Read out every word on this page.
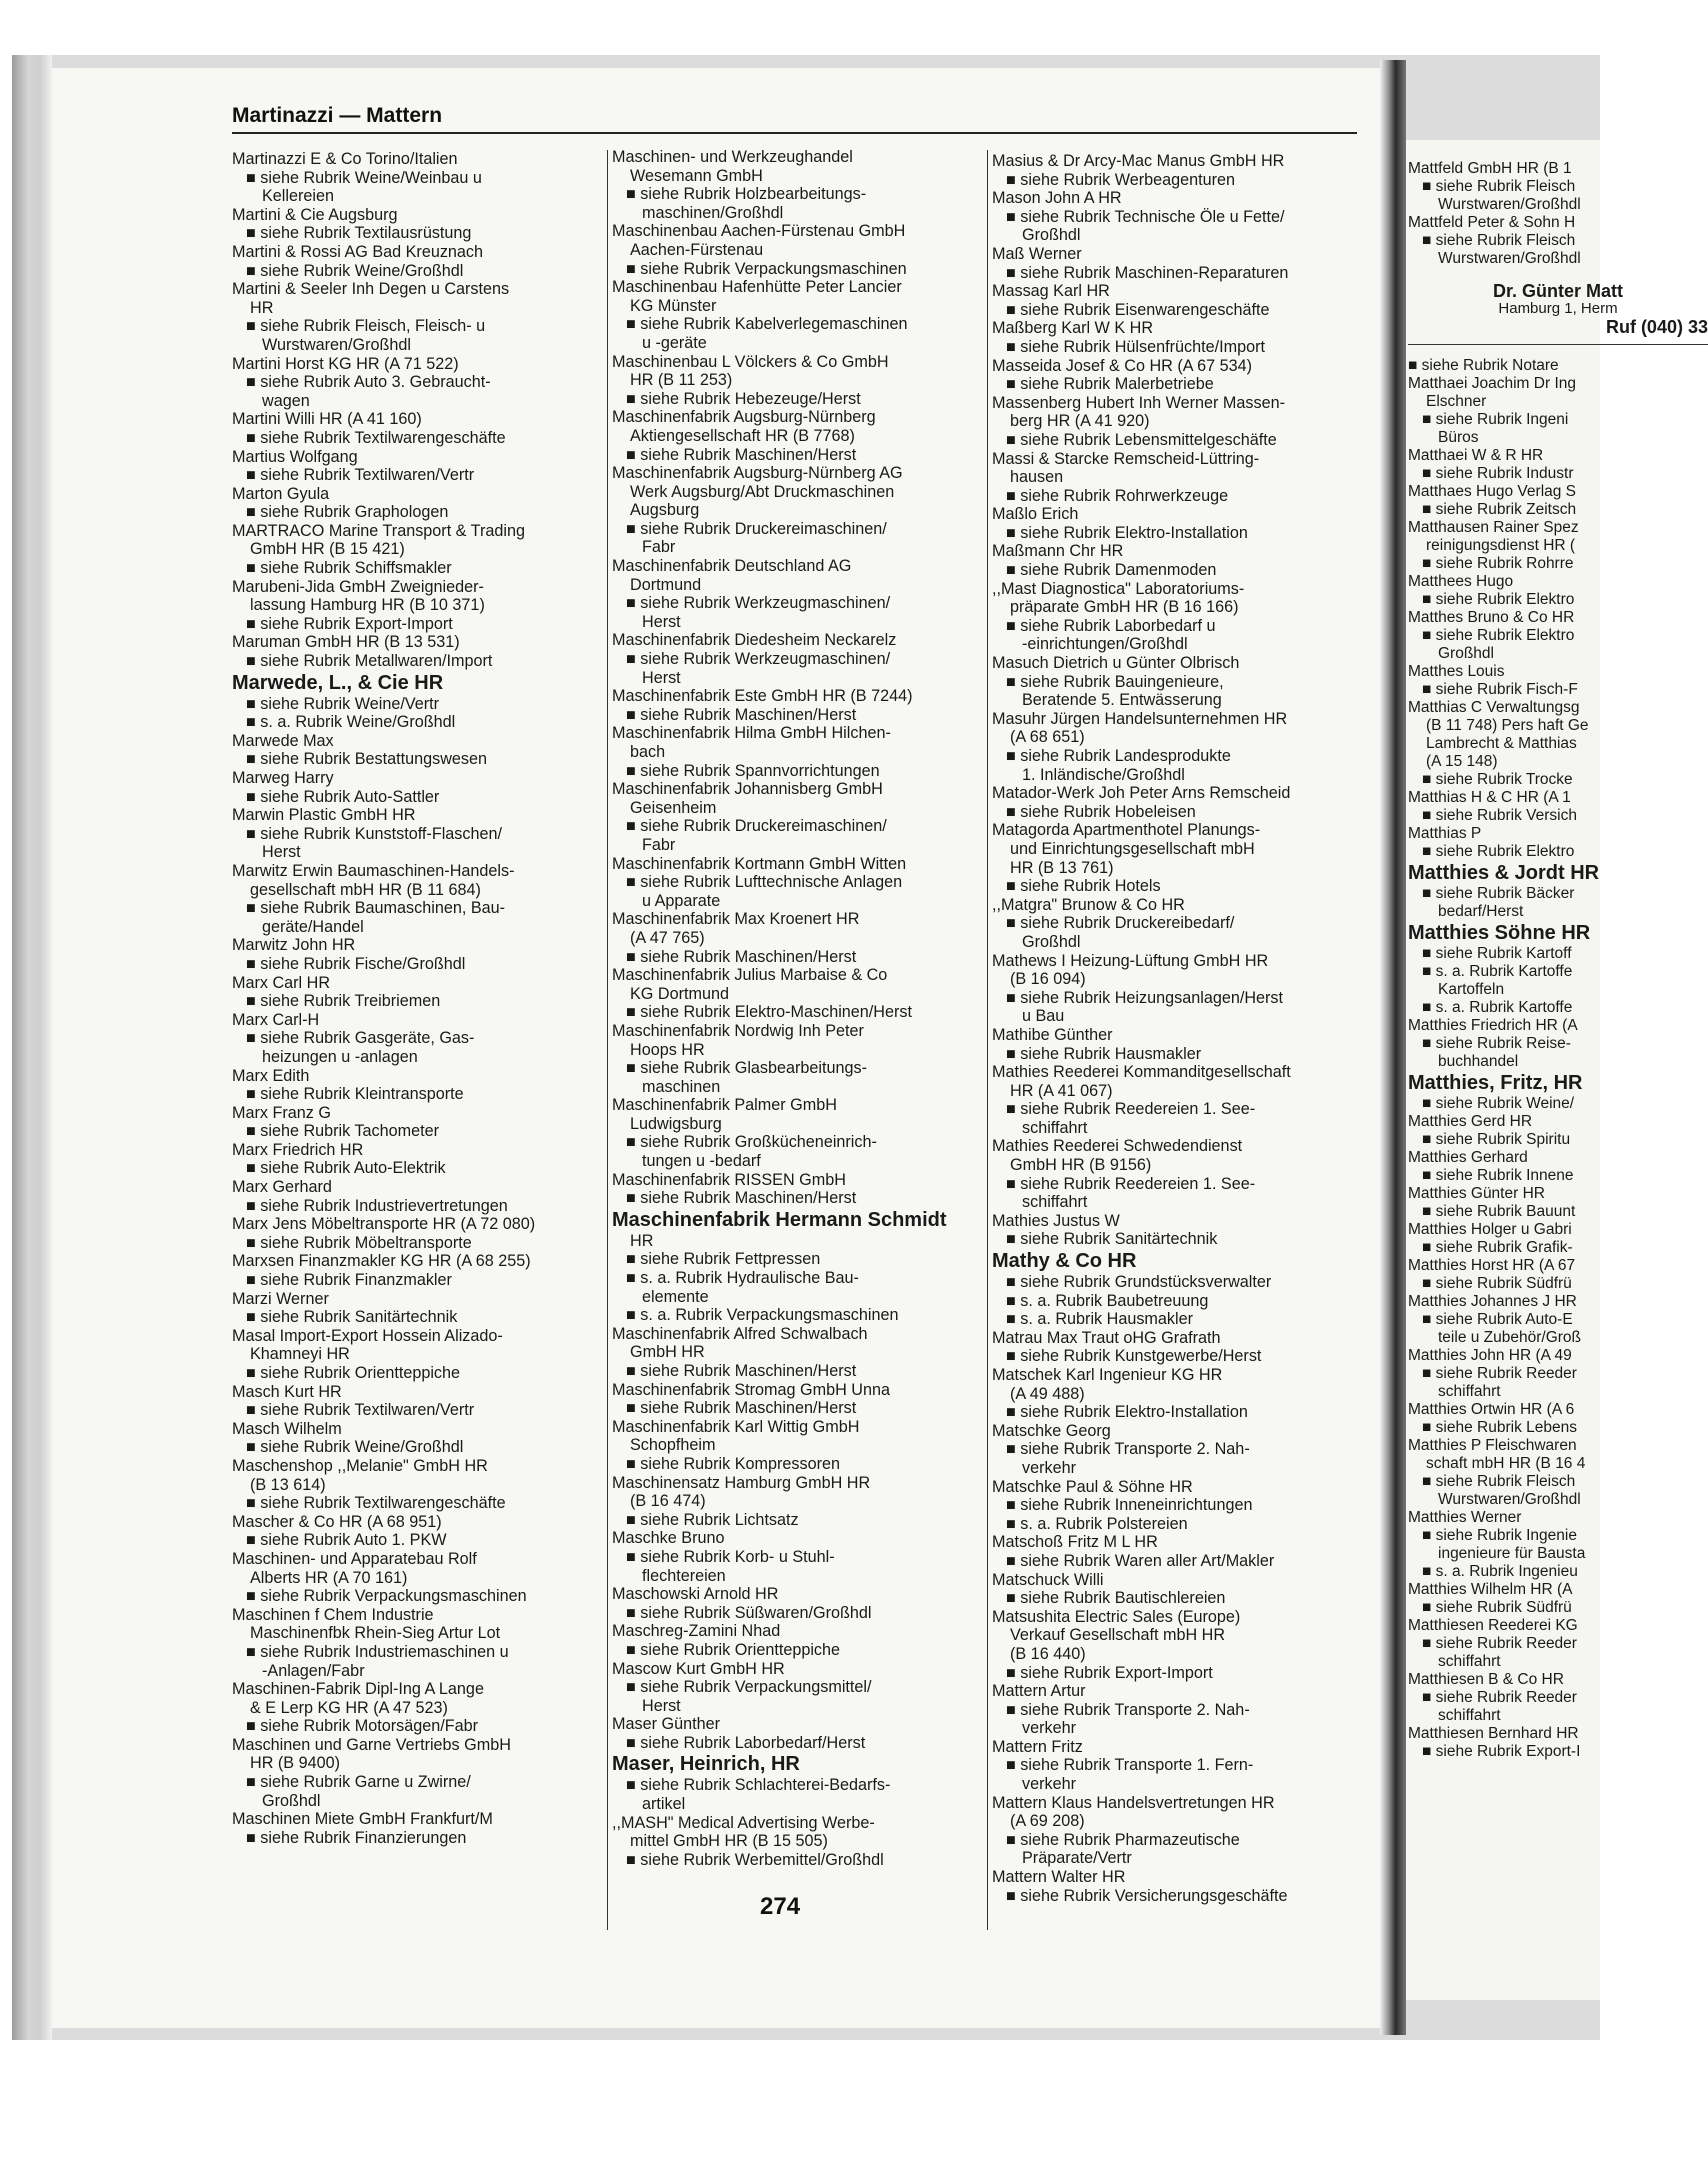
Martinazzi — Mattern
Martinazzi E & Co Torino/Italien
■ siehe Rubrik Weine/Weinbau u
Kellereien
Martini & Cie Augsburg
■ siehe Rubrik Textilausrüstung
Martini & Rossi AG Bad Kreuznach
■ siehe Rubrik Weine/Großhdl
Martini & Seeler Inh Degen u Carstens
HR
■ siehe Rubrik Fleisch, Fleisch- u
Wurstwaren/Großhdl
Martini Horst KG HR (A 71 522)
■ siehe Rubrik Auto 3. Gebraucht-
wagen
Martini Willi HR (A 41 160)
■ siehe Rubrik Textilwarengeschäfte
Martius Wolfgang
■ siehe Rubrik Textilwaren/Vertr
Marton Gyula
■ siehe Rubrik Graphologen
MARTRACO Marine Transport & Trading
GmbH HR (B 15 421)
■ siehe Rubrik Schiffsmakler
Marubeni-Jida GmbH Zweignieder-
lassung Hamburg HR (B 10 371)
■ siehe Rubrik Export-Import
Maruman GmbH HR (B 13 531)
■ siehe Rubrik Metallwaren/Import
Marwede, L., & Cie HR
■ siehe Rubrik Weine/Vertr
■ s. a. Rubrik Weine/Großhdl
Marwede Max
■ siehe Rubrik Bestattungswesen
Marweg Harry
■ siehe Rubrik Auto-Sattler
Marwin Plastic GmbH HR
■ siehe Rubrik Kunststoff-Flaschen/
Herst
Marwitz Erwin Baumaschinen-Handels-
gesellschaft mbH HR (B 11 684)
■ siehe Rubrik Baumaschinen, Bau-
geräte/Handel
Marwitz John HR
■ siehe Rubrik Fische/Großhdl
Marx Carl HR
■ siehe Rubrik Treibriemen
Marx Carl-H
■ siehe Rubrik Gasgeräte, Gas-
heizungen u -anlagen
Marx Edith
■ siehe Rubrik Kleintransporte
Marx Franz G
■ siehe Rubrik Tachometer
Marx Friedrich HR
■ siehe Rubrik Auto-Elektrik
Marx Gerhard
■ siehe Rubrik Industrievertretungen
Marx Jens Möbeltransporte HR (A 72 080)
■ siehe Rubrik Möbeltransporte
Marxsen Finanzmakler KG HR (A 68 255)
■ siehe Rubrik Finanzmakler
Marzi Werner
■ siehe Rubrik Sanitärtechnik
Masal Import-Export Hossein Alizado-
Khamneyi HR
■ siehe Rubrik Orientteppiche
Masch Kurt HR
■ siehe Rubrik Textilwaren/Vertr
Masch Wilhelm
■ siehe Rubrik Weine/Großhdl
Maschenshop ,,Melanie" GmbH HR
(B 13 614)
■ siehe Rubrik Textilwarengeschäfte
Mascher & Co HR (A 68 951)
■ siehe Rubrik Auto 1. PKW
Maschinen- und Apparatebau Rolf
Alberts HR (A 70 161)
■ siehe Rubrik Verpackungsmaschinen
Maschinen f Chem Industrie
Maschinenfbk Rhein-Sieg Artur Lot
■ siehe Rubrik Industriemaschinen u
-Anlagen/Fabr
Maschinen-Fabrik Dipl-Ing A Lange
& E Lerp KG HR (A 47 523)
■ siehe Rubrik Motorsägen/Fabr
Maschinen und Garne Vertriebs GmbH
HR (B 9400)
■ siehe Rubrik Garne u Zwirne/
Großhdl
Maschinen Miete GmbH Frankfurt/M
■ siehe Rubrik Finanzierungen
Maschinen- und Werkzeughandel
Wesemann GmbH
■ siehe Rubrik Holzbearbeitungs-
maschinen/Großhdl
Maschinenbau Aachen-Fürstenau GmbH
Aachen-Fürstenau
■ siehe Rubrik Verpackungsmaschinen
Maschinenbau Hafenhütte Peter Lancier
KG Münster
■ siehe Rubrik Kabelverlegemaschinen
u -geräte
Maschinenbau L Völckers & Co GmbH
HR (B 11 253)
■ siehe Rubrik Hebezeuge/Herst
Maschinenfabrik Augsburg-Nürnberg
Aktiengesellschaft HR (B 7768)
■ siehe Rubrik Maschinen/Herst
Maschinenfabrik Augsburg-Nürnberg AG
Werk Augsburg/Abt Druckmaschinen
Augsburg
■ siehe Rubrik Druckereimaschinen/
Fabr
Maschinenfabrik Deutschland AG
Dortmund
■ siehe Rubrik Werkzeugmaschinen/
Herst
Maschinenfabrik Diedesheim Neckarelz
■ siehe Rubrik Werkzeugmaschinen/
Herst
Maschinenfabrik Este GmbH HR (B 7244)
■ siehe Rubrik Maschinen/Herst
Maschinenfabrik Hilma GmbH Hilchen-
bach
■ siehe Rubrik Spannvorrichtungen
Maschinenfabrik Johannisberg GmbH
Geisenheim
■ siehe Rubrik Druckereimaschinen/
Fabr
Maschinenfabrik Kortmann GmbH Witten
■ siehe Rubrik Lufttechnische Anlagen
u Apparate
Maschinenfabrik Max Kroenert HR
(A 47 765)
■ siehe Rubrik Maschinen/Herst
Maschinenfabrik Julius Marbaise & Co
KG Dortmund
■ siehe Rubrik Elektro-Maschinen/Herst
Maschinenfabrik Nordwig Inh Peter
Hoops HR
■ siehe Rubrik Glasbearbeitungs-
maschinen
Maschinenfabrik Palmer GmbH
Ludwigsburg
■ siehe Rubrik Großkücheneinrich-
tungen u -bedarf
Maschinenfabrik RISSEN GmbH
■ siehe Rubrik Maschinen/Herst
Maschinenfabrik Hermann Schmidt
HR
■ siehe Rubrik Fettpressen
■ s. a. Rubrik Hydraulische Bau-
elemente
■ s. a. Rubrik Verpackungsmaschinen
Maschinenfabrik Alfred Schwalbach
GmbH HR
■ siehe Rubrik Maschinen/Herst
Maschinenfabrik Stromag GmbH Unna
■ siehe Rubrik Maschinen/Herst
Maschinenfabrik Karl Wittig GmbH
Schopfheim
■ siehe Rubrik Kompressoren
Maschinensatz Hamburg GmbH HR
(B 16 474)
■ siehe Rubrik Lichtsatz
Maschke Bruno
■ siehe Rubrik Korb- u Stuhl-
flechtereien
Maschowski Arnold HR
■ siehe Rubrik Süßwaren/Großhdl
Maschreg-Zamini Nhad
■ siehe Rubrik Orientteppiche
Mascow Kurt GmbH HR
■ siehe Rubrik Verpackungsmittel/
Herst
Maser Günther
■ siehe Rubrik Laborbedarf/Herst
Maser, Heinrich, HR
■ siehe Rubrik Schlachterei-Bedarfs-
artikel
,,MASH" Medical Advertising Werbe-
mittel GmbH HR (B 15 505)
■ siehe Rubrik Werbemittel/Großhdl
Masius & Dr Arcy-Mac Manus GmbH HR
■ siehe Rubrik Werbeagenturen
Mason John A HR
■ siehe Rubrik Technische Öle u Fette/
Großhdl
Maß Werner
■ siehe Rubrik Maschinen-Reparaturen
Massag Karl HR
■ siehe Rubrik Eisenwarengeschäfte
Maßberg Karl W K HR
■ siehe Rubrik Hülsenfrüchte/Import
Masseida Josef & Co HR (A 67 534)
■ siehe Rubrik Malerbetriebe
Massenberg Hubert Inh Werner Massen-
berg HR (A 41 920)
■ siehe Rubrik Lebensmittelgeschäfte
Massi & Starcke Remscheid-Lüttring-
hausen
■ siehe Rubrik Rohrwerkzeuge
Maßlo Erich
■ siehe Rubrik Elektro-Installation
Maßmann Chr HR
■ siehe Rubrik Damenmoden
,,Mast Diagnostica" Laboratoriums-
präparate GmbH HR (B 16 166)
■ siehe Rubrik Laborbedarf u
-einrichtungen/Großhdl
Masuch Dietrich u Günter Olbrisch
■ siehe Rubrik Bauingenieure,
Beratende 5. Entwässerung
Masuhr Jürgen Handelsunternehmen HR
(A 68 651)
■ siehe Rubrik Landesprodukte
1. Inländische/Großhdl
Matador-Werk Joh Peter Arns Remscheid
■ siehe Rubrik Hobeleisen
Matagorda Apartmenthotel Planungs-
und Einrichtungsgesellschaft mbH
HR (B 13 761)
■ siehe Rubrik Hotels
,,Matgra" Brunow & Co HR
■ siehe Rubrik Druckereibedarf/
Großhdl
Mathews I Heizung-Lüftung GmbH HR
(B 16 094)
■ siehe Rubrik Heizungsanlagen/Herst
u Bau
Mathibe Günther
■ siehe Rubrik Hausmakler
Mathies Reederei Kommanditgesellschaft
HR (A 41 067)
■ siehe Rubrik Reedereien 1. See-
schiffahrt
Mathies Reederei Schwedendienst
GmbH HR (B 9156)
■ siehe Rubrik Reedereien 1. See-
schiffahrt
Mathies Justus W
■ siehe Rubrik Sanitärtechnik
Mathy & Co HR
■ siehe Rubrik Grundstücksverwalter
■ s. a. Rubrik Baubetreuung
■ s. a. Rubrik Hausmakler
Matrau Max Traut oHG Grafrath
■ siehe Rubrik Kunstgewerbe/Herst
Matschek Karl Ingenieur KG HR
(A 49 488)
■ siehe Rubrik Elektro-Installation
Matschke Georg
■ siehe Rubrik Transporte 2. Nah-
verkehr
Matschke Paul & Söhne HR
■ siehe Rubrik Inneneinrichtungen
■ s. a. Rubrik Polstereien
Matschoß Fritz M L HR
■ siehe Rubrik Waren aller Art/Makler
Matschuck Willi
■ siehe Rubrik Bautischlereien
Matsushita Electric Sales (Europe)
Verkauf Gesellschaft mbH HR
(B 16 440)
■ siehe Rubrik Export-Import
Mattern Artur
■ siehe Rubrik Transporte 2. Nah-
verkehr
Mattern Fritz
■ siehe Rubrik Transporte 1. Fern-
verkehr
Mattern Klaus Handelsvertretungen HR
(A 69 208)
■ siehe Rubrik Pharmazeutische
Präparate/Vertr
Mattern Walter HR
■ siehe Rubrik Versicherungsgeschäfte
Mattfeld GmbH HR (B 1
■ siehe Rubrik Fleisch
Wurstwaren/Großhdl
Mattfeld Peter & Sohn H
■ siehe Rubrik Fleisch
Wurstwaren/Großhdl
Dr. Günter Matt
Hamburg 1, Herm
Ruf (040) 33
■ siehe Rubrik Notare
Matthaei Joachim Dr Ing
Elschner
■ siehe Rubrik Ingeni
Büros
Matthaei W & R HR
■ siehe Rubrik Industr
Matthaes Hugo Verlag S
■ siehe Rubrik Zeitsch
Matthausen Rainer Spez
reinigungsdienst HR (
■ siehe Rubrik Rohrre
Matthees Hugo
■ siehe Rubrik Elektro
Matthes Bruno & Co HR
■ siehe Rubrik Elektro
Großhdl
Matthes Louis
■ siehe Rubrik Fisch-F
Matthias C Verwaltungsg
(B 11 748) Pers haft Ge
Lambrecht & Matthias
(A 15 148)
■ siehe Rubrik Trocke
Matthias H & C HR (A 1
■ siehe Rubrik Versich
Matthias P
■ siehe Rubrik Elektro
Matthies & Jordt HR
■ siehe Rubrik Bäcker
bedarf/Herst
Matthies Söhne HR
■ siehe Rubrik Kartoff
■ s. a. Rubrik Kartoffe
Kartoffeln
■ s. a. Rubrik Kartoffe
Matthies Friedrich HR (A
■ siehe Rubrik Reise-
buchhandel
Matthies, Fritz, HR
■ siehe Rubrik Weine/
Matthies Gerd HR
■ siehe Rubrik Spiritu
Matthies Gerhard
■ siehe Rubrik Innene
Matthies Günter HR
■ siehe Rubrik Bauunt
Matthies Holger u Gabri
■ siehe Rubrik Grafik-
Matthies Horst HR (A 67
■ siehe Rubrik Südfrü
Matthies Johannes J HR
■ siehe Rubrik Auto-E
teile u Zubehör/Groß
Matthies John HR (A 49
■ siehe Rubrik Reeder
schiffahrt
Matthies Ortwin HR (A 6
■ siehe Rubrik Lebens
Matthies P Fleischwaren
schaft mbH HR (B 16 4
■ siehe Rubrik Fleisch
Wurstwaren/Großhdl
Matthies Werner
■ siehe Rubrik Ingenie
ingenieure für Bausta
■ s. a. Rubrik Ingenieu
Matthies Wilhelm HR (A
■ siehe Rubrik Südfrü
Matthiesen Reederei KG
■ siehe Rubrik Reeder
schiffahrt
Matthiesen B & Co HR
■ siehe Rubrik Reeder
schiffahrt
Matthiesen Bernhard HR
■ siehe Rubrik Export-I
274
